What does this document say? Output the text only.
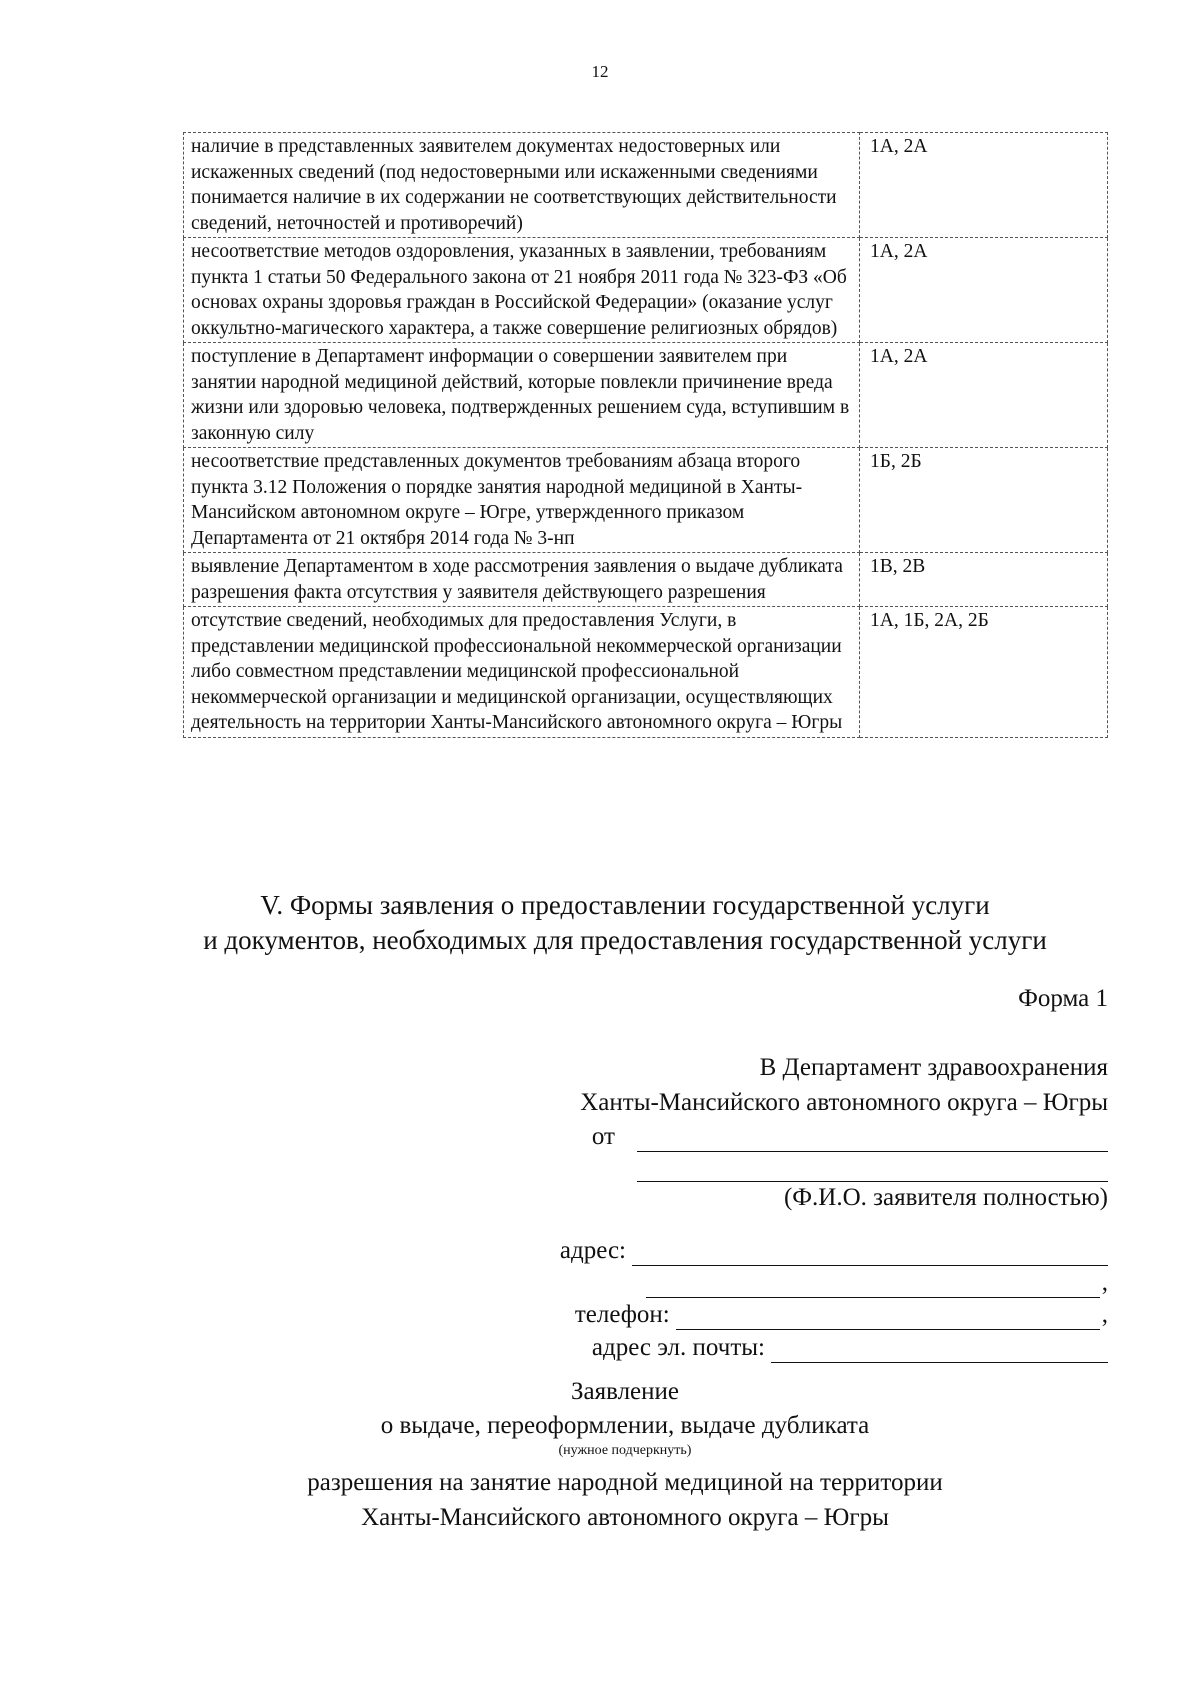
12
наличие в представленных заявителем документах недостоверных или искаженных сведений (под недостоверными или искаженными сведениями понимается наличие в их содержании не соответствующих действительности сведений, неточностей и противоречий)	1А, 2А
несоответствие методов оздоровления, указанных в заявлении, требованиям пункта 1 статьи 50 Федерального закона от 21 ноября 2011 года № 323-ФЗ «Об основах охраны здоровья граждан в Российской Федерации» (оказание услуг оккультно-магического характера, а также совершение религиозных обрядов)	1А, 2А
поступление в Департамент информации о совершении заявителем при занятии народной медициной действий, которые повлекли причинение вреда жизни или здоровью человека, подтвержденных решением суда, вступившим в законную силу	1А, 2А
несоответствие представленных документов требованиям абзаца второго пункта 3.12 Положения о порядке занятия народной медициной в Ханты-Мансийском автономном округе – Югре, утвержденного приказом Департамента от 21 октября 2014 года № 3-нп	1Б, 2Б
выявление Департаментом в ходе рассмотрения заявления о выдаче дубликата разрешения факта отсутствия у заявителя действующего разрешения	1В, 2В
отсутствие сведений, необходимых для предоставления Услуги, в представлении медицинской профессиональной некоммерческой организации либо совместном представлении медицинской профессиональной некоммерческой организации и медицинской организации, осуществляющих деятельность на территории Ханты-Мансийского автономного округа – Югры	1А, 1Б, 2А, 2Б
V. Формы заявления о предоставлении государственной услуги
и документов, необходимых для предоставления государственной услуги
Форма 1
В Департамент здравоохранения
Ханты-Мансийского автономного округа – Югры
от
(Ф.И.О. заявителя полностью)
адрес:
,
телефон:	,
адрес эл. почты:
Заявление
о выдаче, переоформлении, выдаче дубликата
(нужное подчеркнуть)
разрешения на занятие народной медициной на территории
Ханты-Мансийского автономного округа – Югры
